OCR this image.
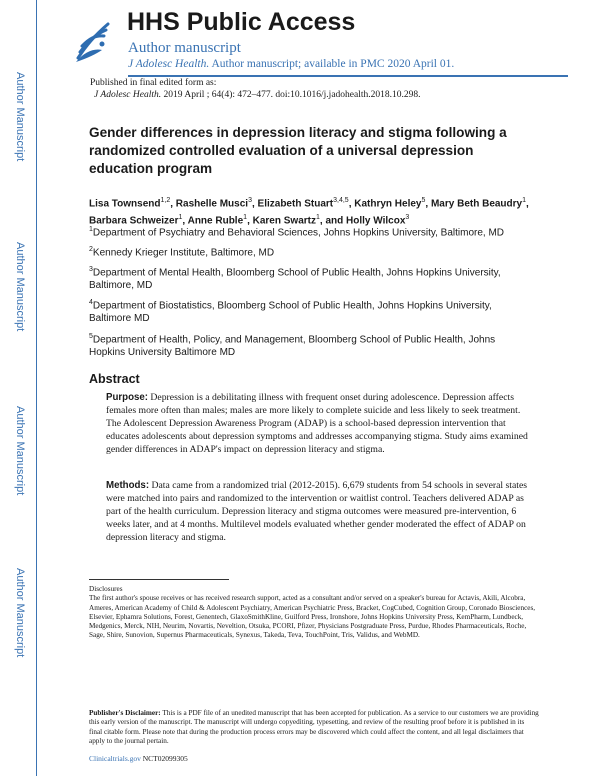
Author Manuscript
Author Manuscript
Author Manuscript
Author Manuscript
HHS Public Access
Author manuscript
J Adolesc Health. Author manuscript; available in PMC 2020 April 01.
Published in final edited form as:
J Adolesc Health. 2019 April ; 64(4): 472–477. doi:10.1016/j.jadohealth.2018.10.298.
Gender differences in depression literacy and stigma following a randomized controlled evaluation of a universal depression education program
Lisa Townsend$^{1,2}$, Rashelle Musci$^3$, Elizabeth Stuart$^{3,4,5}$, Kathryn Heley$^5$, Mary Beth Beaudry$^1$, Barbara Schweizer$^1$, Anne Ruble$^1$, Karen Swartz$^1$, and Holly Wilcox$^3$
$^1$Department of Psychiatry and Behavioral Sciences, Johns Hopkins University, Baltimore, MD
$^2$Kennedy Krieger Institute, Baltimore, MD
$^3$Department of Mental Health, Bloomberg School of Public Health, Johns Hopkins University, Baltimore, MD
$^4$Department of Biostatistics, Bloomberg School of Public Health, Johns Hopkins University, Baltimore MD
$^5$Department of Health, Policy, and Management, Bloomberg School of Public Health, Johns Hopkins University Baltimore MD
Abstract
Purpose: Depression is a debilitating illness with frequent onset during adolescence. Depression affects females more often than males; males are more likely to complete suicide and less likely to seek treatment. The Adolescent Depression Awareness Program (ADAP) is a school-based depression intervention that educates adolescents about depression symptoms and addresses accompanying stigma. Study aims examined gender differences in ADAP's impact on depression literacy and stigma.
Methods: Data came from a randomized trial (2012-2015). 6,679 students from 54 schools in several states were matched into pairs and randomized to the intervention or waitlist control. Teachers delivered ADAP as part of the health curriculum. Depression literacy and stigma outcomes were measured pre-intervention, 6 weeks later, and at 4 months. Multilevel models evaluated whether gender moderated the effect of ADAP on depression literacy and stigma.
Disclosures
The first author's spouse receives or has received research support, acted as a consultant and/or served on a speaker's bureau for Actavis, Akili, Alcobra, Ameres, American Academy of Child & Adolescent Psychiatry, American Psychiatric Press, Bracket, CogCubed, Cognition Group, Coronado Biosciences, Elsevier, Ephamra Solutions, Forest, Genentech, GlaxoSmithKline, Guilford Press, Ironshore, Johns Hopkins University Press, KemPharm, Lundbeck, Medgenics, Merck, NIH, Neurim, Novartis, Neveltion, Otsuka, PCORI, Pfizer, Physicians Postgraduate Press, Purdue, Rhodes Pharmaceuticals, Roche, Sage, Shire, Sunovion, Supernus Pharmaceuticals, Synexus, Takeda, Teva, TouchPoint, Tris, Validus, and WebMD.
Publisher's Disclaimer: This is a PDF file of an unedited manuscript that has been accepted for publication. As a service to our customers we are providing this early version of the manuscript. The manuscript will undergo copyediting, typesetting, and review of the resulting proof before it is published in its final citable form. Please note that during the production process errors may be discovered which could affect the content, and all legal disclaimers that apply to the journal pertain.
Clinicaltrials.gov NCT02099305
